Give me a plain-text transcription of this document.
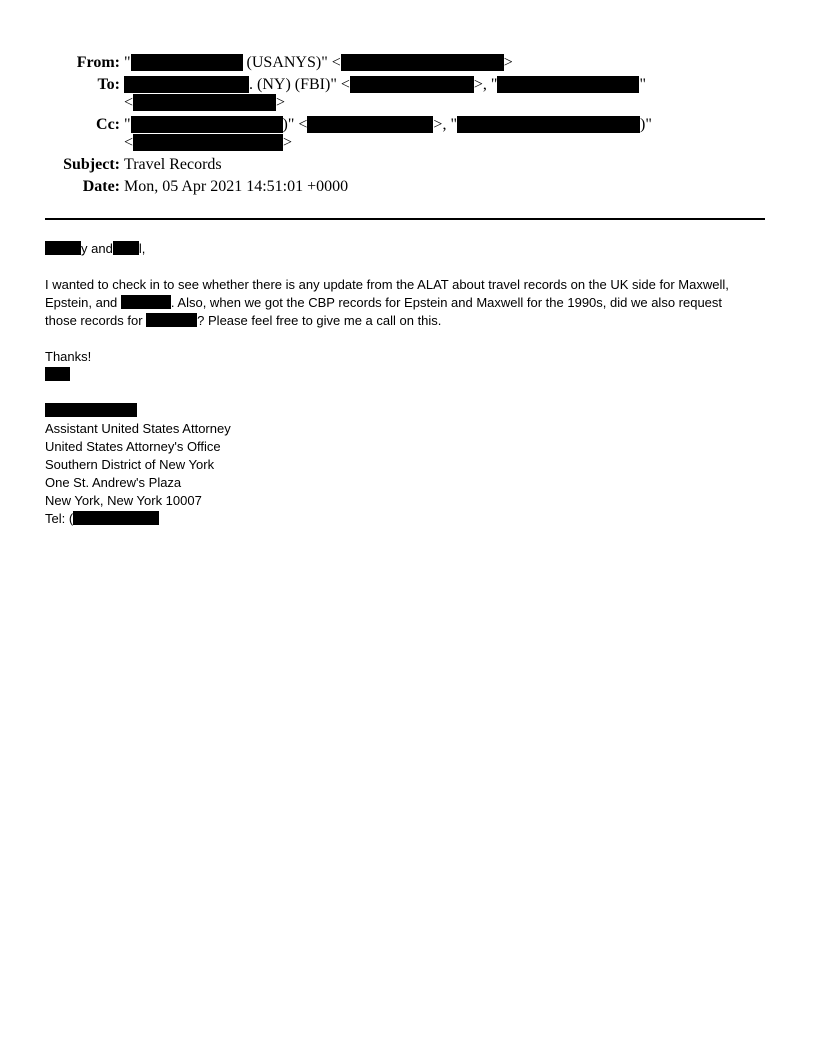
From: "	(USANYS)" <	>
To:	. (NY) (FBI)" <	>, "	"
<	>
Cc: "	)" <	>, "	)"
<	>
Subject: Travel Records
Date: Mon, 05 Apr 2021 14:51:01 +0000

y and l,

I wanted to check in to see whether there is any update from the ALAT about travel records on the UK side for Maxwell,
Epstein, and	. Also, when we got the CBP records for Epstein and Maxwell for the 1990s, did we also request
those records for	? Please feel free to give me a call on this.

Thanks!

Assistant United States Attorney

United States Attorney's Office

Southern District of New York

One St. Andrew's Plaza

New York, New York 10007

Tel: (
